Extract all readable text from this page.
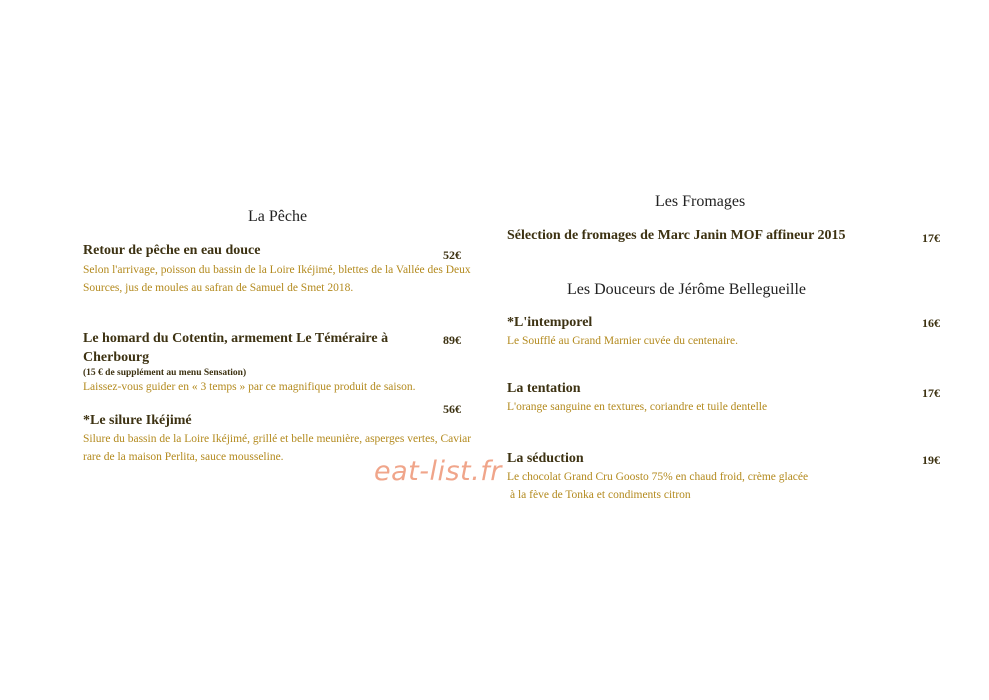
La Pêche
Retour de pêche en eau douce
Selon l'arrivage, poisson du bassin de la Loire Ikéjimé, blettes de la Vallée des Deux Sources, jus de moules au safran de Samuel de Smet 2018.
52€
Le homard du Cotentin, armement Le Téméraire à Cherbourg
89€
(15 € de supplément au menu Sensation)
Laissez-vous guider en « 3 temps » par ce magnifique produit de saison.
56€
*Le silure Ikéjimé
Silure du bassin de la Loire Ikéjimé, grillé et belle meunière, asperges vertes, Caviar rare de la maison Perlita, sauce mousseline.	eat-list.fr
Les Fromages
Sélection de fromages de Marc Janin MOF affineur 2015	17€
Les Douceurs de Jérôme Bellegueille
*L'intemporel
Le Soufflé au Grand Marnier cuvée du centenaire.
16€
La tentation
L'orange sanguine en textures, coriandre et tuile dentelle
17€
La séduction
Le chocolat Grand Cru Goosto 75% en chaud froid, crème glacée
à la fève de Tonka et condiments citron
19€
